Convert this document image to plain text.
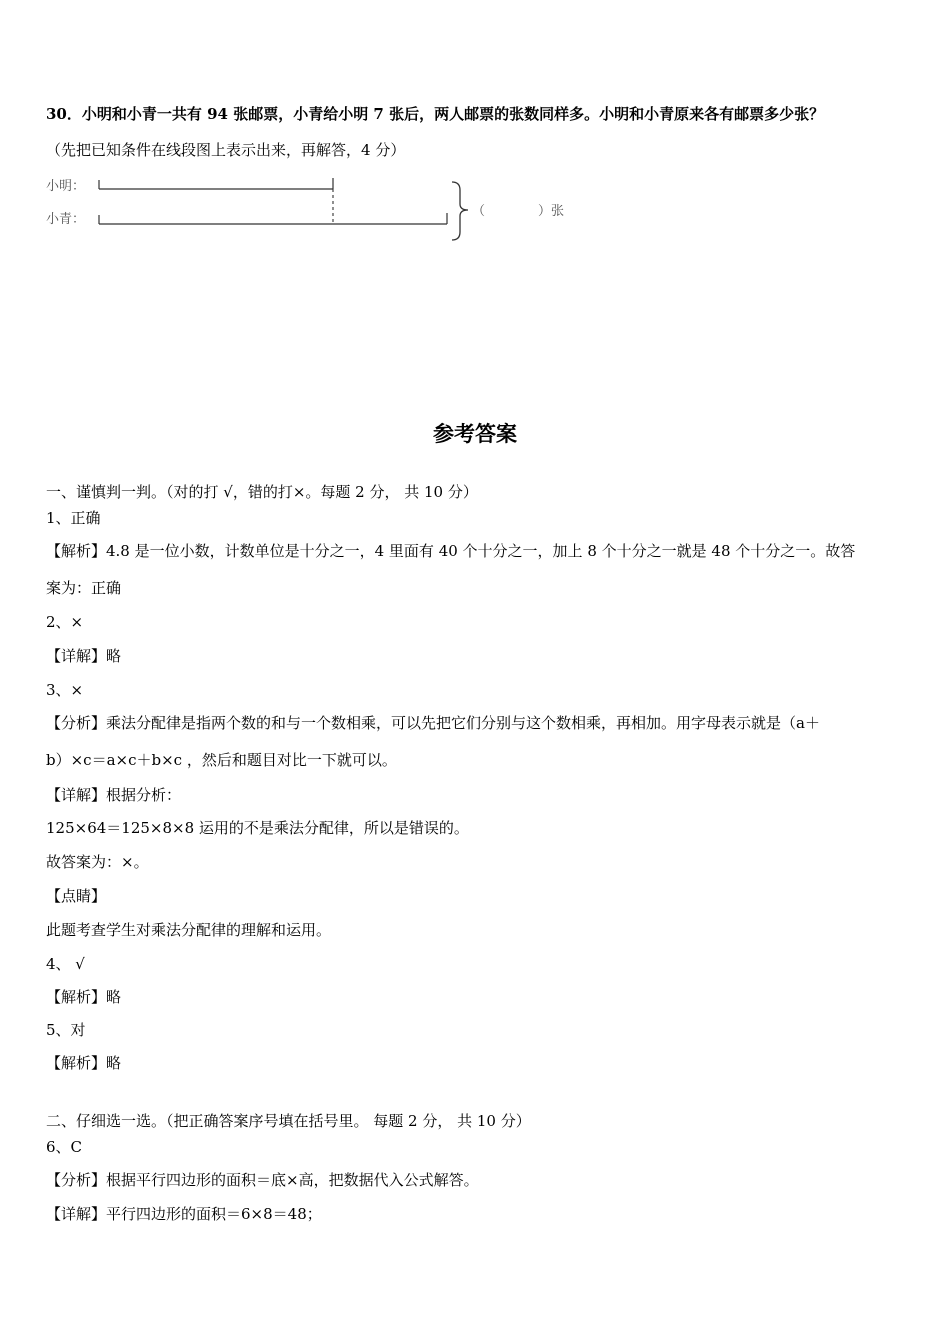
30．小明和小青一共有 94 张邮票，小青给小明 7 张后，两人邮票的张数同样多。小明和小青原来各有邮票多少张？
（先把已知条件在线段图上表示出来，再解答，4 分）
小明：
小青：
（	）张
参考答案
一、谨慎判一判。（对的打 √，错的打×。每题 2 分， 共 10 分）
1、正确
【解析】4.8 是一位小数，计数单位是十分之一，4 里面有 40 个十分之一，加上 8 个十分之一就是 48 个十分之一。故答
案为：正确
2、×
【详解】略
3、×
【分析】乘法分配律是指两个数的和与一个数相乘，可以先把它们分别与这个数相乘，再相加。用字母表示就是（a＋
b）×c＝a×c＋b×c ，然后和题目对比一下就可以。
【详解】根据分析：
125×64＝125×8×8 运用的不是乘法分配律，所以是错误的。
故答案为：×。
【点睛】
此题考查学生对乘法分配律的理解和运用。
4、 √
【解析】略
5、对
【解析】略
二、仔细选一选。（把正确答案序号填在括号里。 每题 2 分， 共 10 分）
6、C
【分析】根据平行四边形的面积＝底×高，把数据代入公式解答。
【详解】平行四边形的面积＝6×8＝48；
